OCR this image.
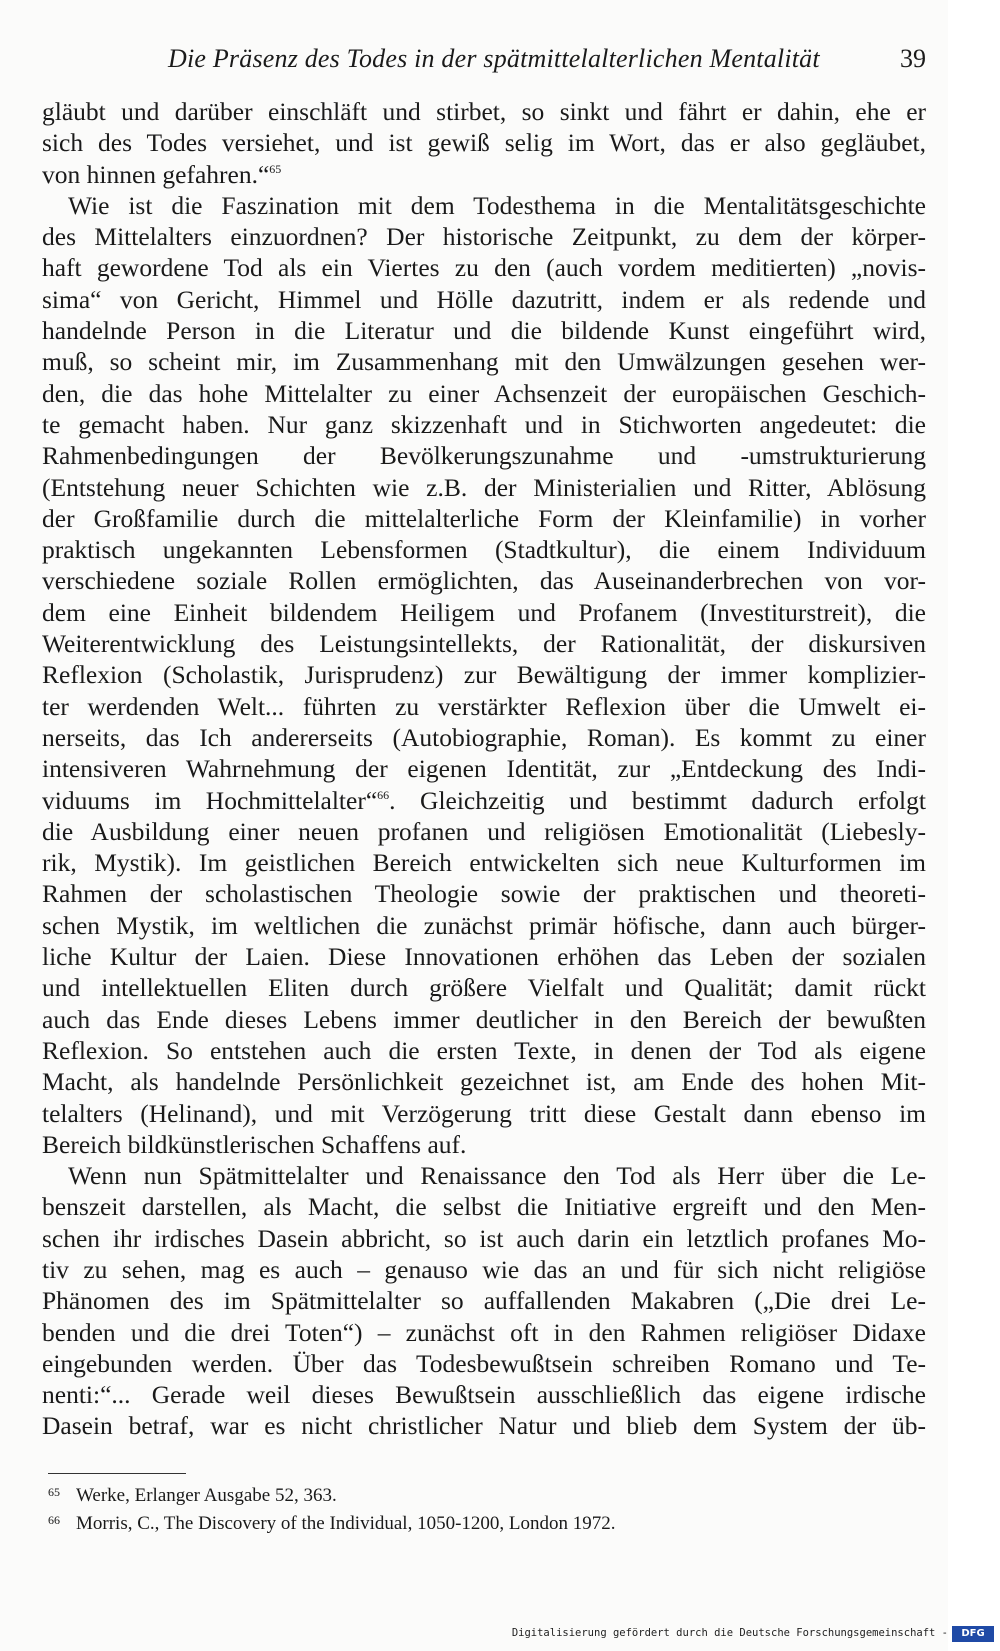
Die Präsenz des Todes in der spätmittelalterlichen Mentalität	39
gläubt und darüber einschläft und stirbet, so sinkt und fährt er dahin, ehe er
sich des Todes versiehet, und ist gewiß selig im Wort, das er also gegläubet,
von hinnen gefahren.“$^{65}$
Wie ist die Faszination mit dem Todesthema in die Mentalitätsgeschichte
des Mittelalters einzuordnen? Der historische Zeitpunkt, zu dem der körper-
haft gewordene Tod als ein Viertes zu den (auch vordem meditierten) „novis-
sima“ von Gericht, Himmel und Hölle dazutritt, indem er als redende und
handelnde Person in die Literatur und die bildende Kunst eingeführt wird,
muß, so scheint mir, im Zusammenhang mit den Umwälzungen gesehen wer-
den, die das hohe Mittelalter zu einer Achsenzeit der europäischen Geschich-
te gemacht haben. Nur ganz skizzenhaft und in Stichworten angedeutet: die
Rahmenbedingungen der Bevölkerungszunahme und -umstrukturierung
(Entstehung neuer Schichten wie z.B. der Ministerialien und Ritter, Ablösung
der Großfamilie durch die mittelalterliche Form der Kleinfamilie) in vorher
praktisch ungekannten Lebensformen (Stadtkultur), die einem Individuum
verschiedene soziale Rollen ermöglichten, das Auseinanderbrechen von vor-
dem eine Einheit bildendem Heiligem und Profanem (Investiturstreit), die
Weiterentwicklung des Leistungsintellekts, der Rationalität, der diskursiven
Reflexion (Scholastik, Jurisprudenz) zur Bewältigung der immer komplizier-
ter werdenden Welt... führten zu verstärkter Reflexion über die Umwelt ei-
nerseits, das Ich andererseits (Autobiographie, Roman). Es kommt zu einer
intensiveren Wahrnehmung der eigenen Identität, zur „Entdeckung des Indi-
viduums im Hochmittelalter“$^{66}$. Gleichzeitig und bestimmt dadurch erfolgt
die Ausbildung einer neuen profanen und religiösen Emotionalität (Liebesly-
rik, Mystik). Im geistlichen Bereich entwickelten sich neue Kulturformen im
Rahmen der scholastischen Theologie sowie der praktischen und theoreti-
schen Mystik, im weltlichen die zunächst primär höfische, dann auch bürger-
liche Kultur der Laien. Diese Innovationen erhöhen das Leben der sozialen
und intellektuellen Eliten durch größere Vielfalt und Qualität; damit rückt
auch das Ende dieses Lebens immer deutlicher in den Bereich der bewußten
Reflexion. So entstehen auch die ersten Texte, in denen der Tod als eigene
Macht, als handelnde Persönlichkeit gezeichnet ist, am Ende des hohen Mit-
telalters (Helinand), und mit Verzögerung tritt diese Gestalt dann ebenso im
Bereich bildkünstlerischen Schaffens auf.
Wenn nun Spätmittelalter und Renaissance den Tod als Herr über die Le-
benszeit darstellen, als Macht, die selbst die Initiative ergreift und den Men-
schen ihr irdisches Dasein abbricht, so ist auch darin ein letztlich profanes Mo-
tiv zu sehen, mag es auch – genauso wie das an und für sich nicht religiöse
Phänomen des im Spätmittelalter so auffallenden Makabren („Die drei Le-
benden und die drei Toten“) – zunächst oft in den Rahmen religiöser Didaxe
eingebunden werden. Über das Todesbewußtsein schreiben Romano und Te-
nenti:“... Gerade weil dieses Bewußtsein ausschließlich das eigene irdische
Dasein betraf, war es nicht christlicher Natur und blieb dem System der üb-
65 Werke, Erlanger Ausgabe 52, 363.
66 Morris, C., The Discovery of the Individual, 1050-1200, London 1972.
Digitalisierung gefördert durch die Deutsche Forschungsgemeinschaft -	DFG
